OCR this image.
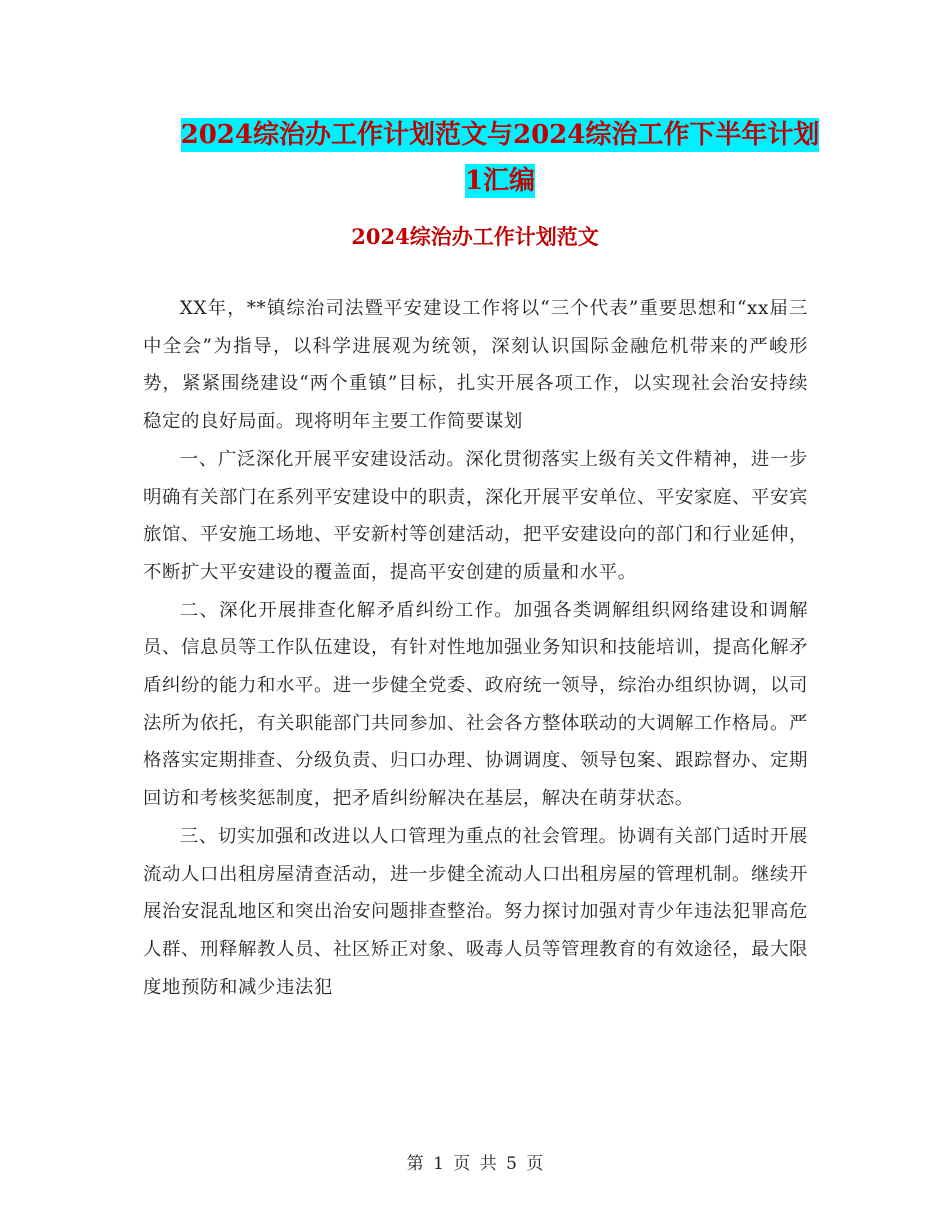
2024综治办工作计划范文与2024综治工作下半年计划
1汇编
2024综治办工作计划范文

XX年，**镇综治司法暨平安建设工作将以“三个代表”重要思想和“xx届三中全会”为指导，以科学进展观为统领，深刻认识国际金融危机带来的严峻形势，紧紧围绕建设“两个重镇”目标，扎实开展各项工作，以实现社会治安持续稳定的良好局面。现将明年主要工作简要谋划

一、广泛深化开展平安建设活动。深化贯彻落实上级有关文件精神，进一步明确有关部门在系列平安建设中的职责，深化开展平安单位、平安家庭、平安宾旅馆、平安施工场地、平安新村等创建活动，把平安建设向的部门和行业延伸，不断扩大平安建设的覆盖面，提高平安创建的质量和水平。

二、深化开展排查化解矛盾纠纷工作。加强各类调解组织网络建设和调解员、信息员等工作队伍建设，有针对性地加强业务知识和技能培训，提高化解矛盾纠纷的能力和水平。进一步健全党委、政府统一领导，综治办组织协调，以司法所为依托，有关职能部门共同参加、社会各方整体联动的大调解工作格局。严格落实定期排查、分级负责、归口办理、协调调度、领导包案、跟踪督办、定期回访和考核奖惩制度，把矛盾纠纷解决在基层，解决在萌芽状态。

三、切实加强和改进以人口管理为重点的社会管理。协调有关部门适时开展流动人口出租房屋清查活动，进一步健全流动人口出租房屋的管理机制。继续开展治安混乱地区和突出治安问题排查整治。努力探讨加强对青少年违法犯罪高危人群、刑释解教人员、社区矫正对象、吸毒人员等管理教育的有效途径，最大限度地预防和减少违法犯

第 1 页 共 5 页
